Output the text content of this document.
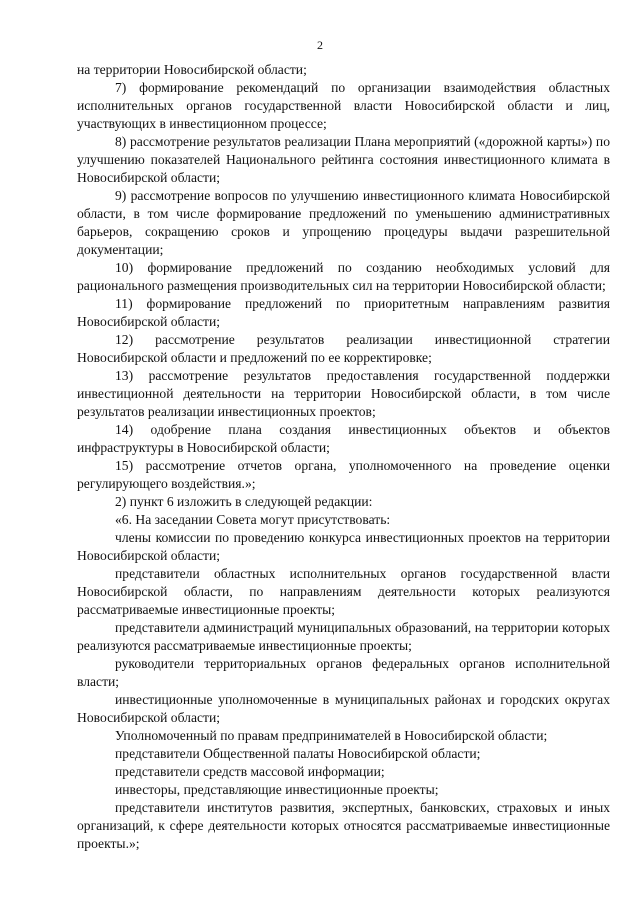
2

на территории Новосибирской области;

7) формирование рекомендаций по организации взаимодействия областных исполнительных органов государственной власти Новосибирской области и лиц, участвующих в инвестиционном процессе;

8) рассмотрение результатов реализации Плана мероприятий («дорожной карты») по улучшению показателей Национального рейтинга состояния инвестиционного климата в Новосибирской области;

9) рассмотрение вопросов по улучшению инвестиционного климата Новосибирской области, в том числе формирование предложений по уменьшению административных барьеров, сокращению сроков и упрощению процедуры выдачи разрешительной документации;

10) формирование предложений по созданию необходимых условий для рационального размещения производительных сил на территории Новосибирской области;

11) формирование предложений по приоритетным направлениям развития Новосибирской области;

12) рассмотрение результатов реализации инвестиционной стратегии Новосибирской области и предложений по ее корректировке;

13) рассмотрение результатов предоставления государственной поддержки инвестиционной деятельности на территории Новосибирской области, в том числе результатов реализации инвестиционных проектов;

14) одобрение плана создания инвестиционных объектов и объектов инфраструктуры в Новосибирской области;

15) рассмотрение отчетов органа, уполномоченного на проведение оценки регулирующего воздействия.»;

2) пункт 6 изложить в следующей редакции:

«6. На заседании Совета могут присутствовать:

члены комиссии по проведению конкурса инвестиционных проектов на территории Новосибирской области;

представители областных исполнительных органов государственной власти Новосибирской области, по направлениям деятельности которых реализуются рассматриваемые инвестиционные проекты;

представители администраций муниципальных образований, на территории которых реализуются рассматриваемые инвестиционные проекты;

руководители территориальных органов федеральных органов исполнительной власти;

инвестиционные уполномоченные в муниципальных районах и городских округах Новосибирской области;

Уполномоченный по правам предпринимателей в Новосибирской области;

представители Общественной палаты Новосибирской области;

представители средств массовой информации;

инвесторы, представляющие инвестиционные проекты;

представители институтов развития, экспертных, банковских, страховых и иных организаций, к сфере деятельности которых относятся рассматриваемые инвестиционные проекты.»;
